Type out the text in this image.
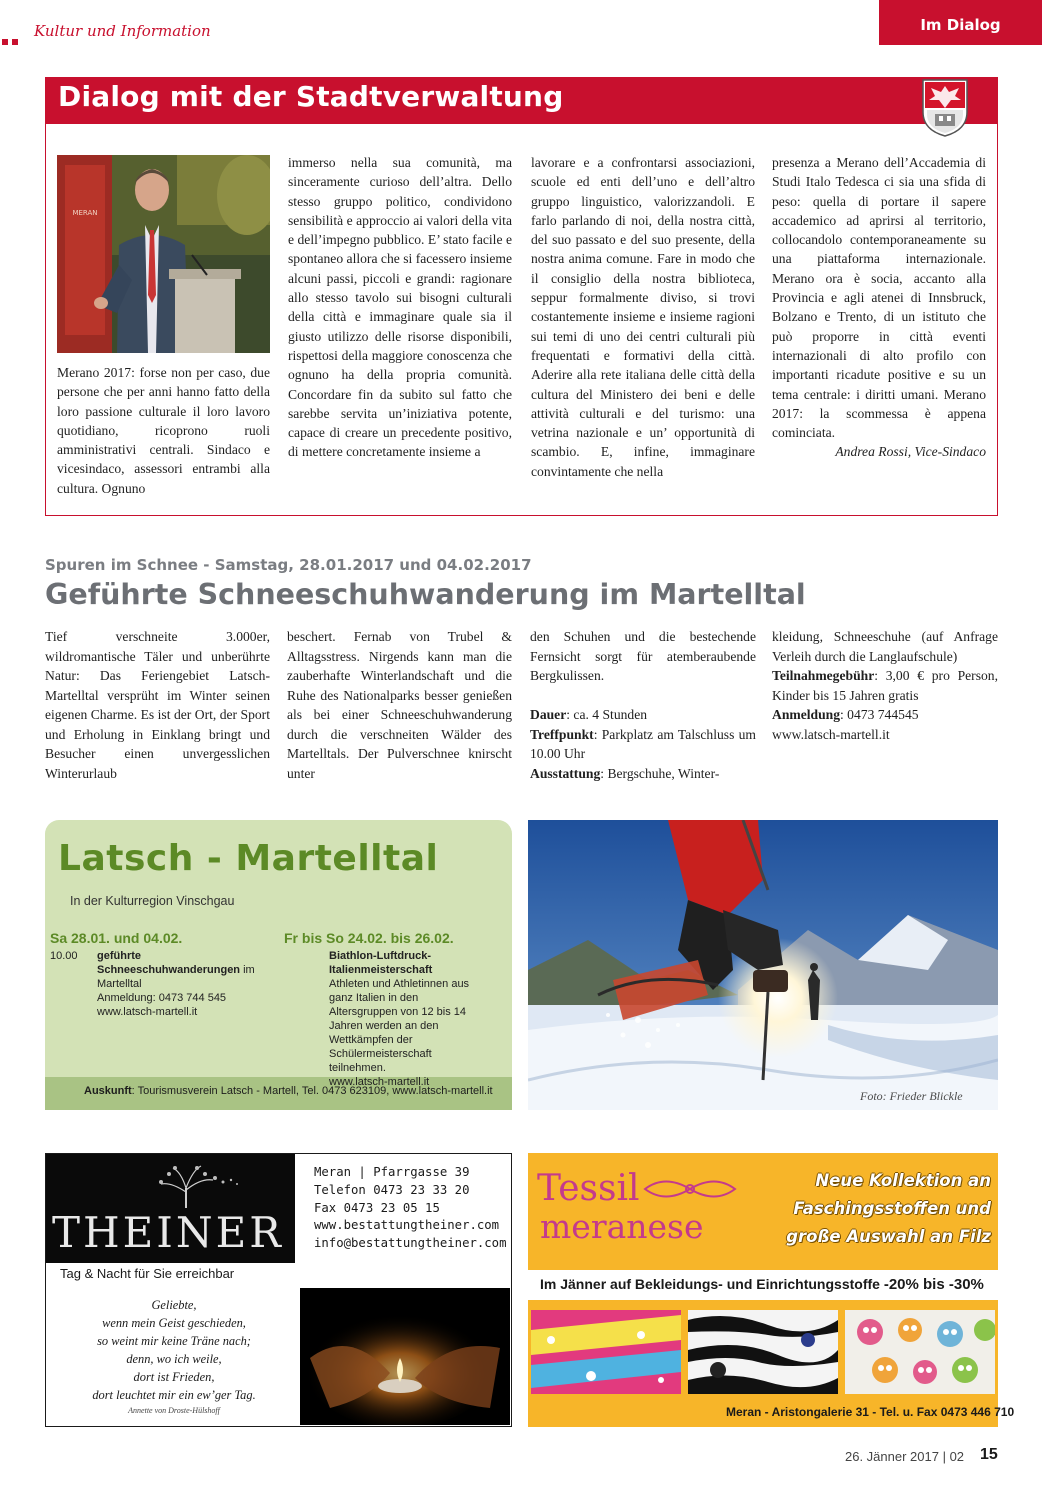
Kultur und Information	Im Dialog
Dialog mit der Stadtverwaltung
MERAN
Merano 2017: forse non per caso, due persone che per anni hanno fatto della loro passione culturale il loro lavoro quotidiano, ricoprono ruoli amministrativi centrali. Sindaco e vicesindaco, assessori entrambi alla cultura. Ognuno
immerso nella sua comunità, ma sinceramente curioso dell’altra. Dello stesso gruppo politico, condividono sensibilità e approccio ai valori della vita e dell’impegno pubblico. E’ stato facile e spontaneo allora che si facessero insieme alcuni passi, piccoli e grandi: ragionare allo stesso tavolo sui bisogni culturali della città e immaginare quale sia il giusto utilizzo delle risorse disponibili, rispettosi della maggiore conoscenza che ognuno ha della propria comunità. Concordare fin da subito sul fatto che sarebbe servita un’iniziativa potente, capace di creare un precedente positivo, di mettere concretamente insieme a
lavorare e a confrontarsi associazioni, scuole ed enti dell’uno e dell’altro gruppo linguistico, valorizzandoli. E farlo parlando di noi, della nostra città, del suo passato e del suo presente, della nostra anima comune. Fare in modo che il consiglio della nostra biblioteca, seppur formalmente diviso, si trovi costantemente insieme e insieme ragioni sui temi di uno dei centri culturali più frequentati e formativi della città. Aderire alla rete italiana delle città della cultura del Ministero dei beni e delle attività culturali e del turismo: una vetrina nazionale e un’ opportunità di scambio. E, infine, immaginare convintamente che nella

presenza a Merano dell’Accademia di Studi Italo Tedesca ci sia una sfida di peso: quella di portare il sapere accademico ad aprirsi al territorio, collocandolo contemporaneamente su una piattaforma internazionale. Merano ora è socia, accanto alla Provincia e agli atenei di Innsbruck, Bolzano e Trento, di un istituto che può proporre in città eventi internazionali di alto profilo con importanti ricadute positive e su un tema centrale: i diritti umani. Merano 2017: la scommessa è appena cominciata.

Andrea Rossi, Vice-Sindaco

Spuren im Schnee - Samstag, 28.01.2017 und 04.02.2017
Geführte Schneeschuhwanderung im Martelltal
Tief verschneite 3.000er, wildromantische Täler und unberührte Natur: Das Feriengebiet Latsch-Martelltal versprüht im Winter seinen eigenen Charme. Es ist der Ort, der Sport und Erholung in Einklang bringt und Besucher einen unvergesslichen Winterurlaub
beschert. Fernab von Trubel & Alltagsstress. Nirgends kann man die zauberhafte Winterlandschaft und die Ruhe des Nationalparks besser genießen als bei einer Schneeschuhwanderung durch die verschneiten Wälder des Martelltals. Der Pulverschnee knirscht unter

den Schuhen und die bestechende Fernsicht sorgt für atemberaubende Bergkulissen.

Dauer: ca. 4 Stunden

Treffpunkt: Parkplatz am Talschluss um 10.00 Uhr

Ausstattung: Bergschuhe, Winter-

kleidung, Schneeschuhe (auf Anfrage Verleih durch die Langlaufschule)

Teilnahmegebühr: 3,00 € pro Person, Kinder bis 15 Jahren gratis

Anmeldung: 0473 744545

www.latsch-martell.it

Latsch - Martelltal
In der Kulturregion Vinschgau
Sa 28.01. und 04.02.
10.00 geführte Schneeschuhwanderungen im Martelltal
Anmeldung: 0473 744 545
www.latsch-martell.it
Fr bis So 24.02. bis 26.02.
Biathlon-Luftdruck-Italienmeisterschaft
Athleten und Athletinnen aus ganz Italien in den Altersgruppen von 12 bis 14 Jahren werden an den Wettkämpfen der Schülermeisterschaft teilnehmen.
www.latsch-martell.it
Auskunft: Tourismusverein Latsch - Martell, Tel. 0473 623109, www.latsch-martell.it	Foto: Frieder Blickle
THEINER
Meran | Pfarrgasse 39
Telefon 0473 23 33 20
Fax 0473 23 05 15
www.bestattungtheiner.com
info@bestattungtheiner.com
Tag & Nacht für Sie erreichbar
Geliebte,
wenn mein Geist geschieden,
so weint mir keine Träne nach;
denn, wo ich weile,
dort ist Frieden,
dort leuchtet mir ein ew’ger Tag.
Annette von Droste-Hülshoff
Tessil
meranese
Neue Kollektion an
Faschingsstoffen und
große Auswahl an Filz
Im Jänner auf Bekleidungs- und Einrichtungsstoffe -20% bis -30%
Meran - Aristongalerie 31 - Tel. u. Fax 0473 446 710
26. Jänner 2017 | 02 15
